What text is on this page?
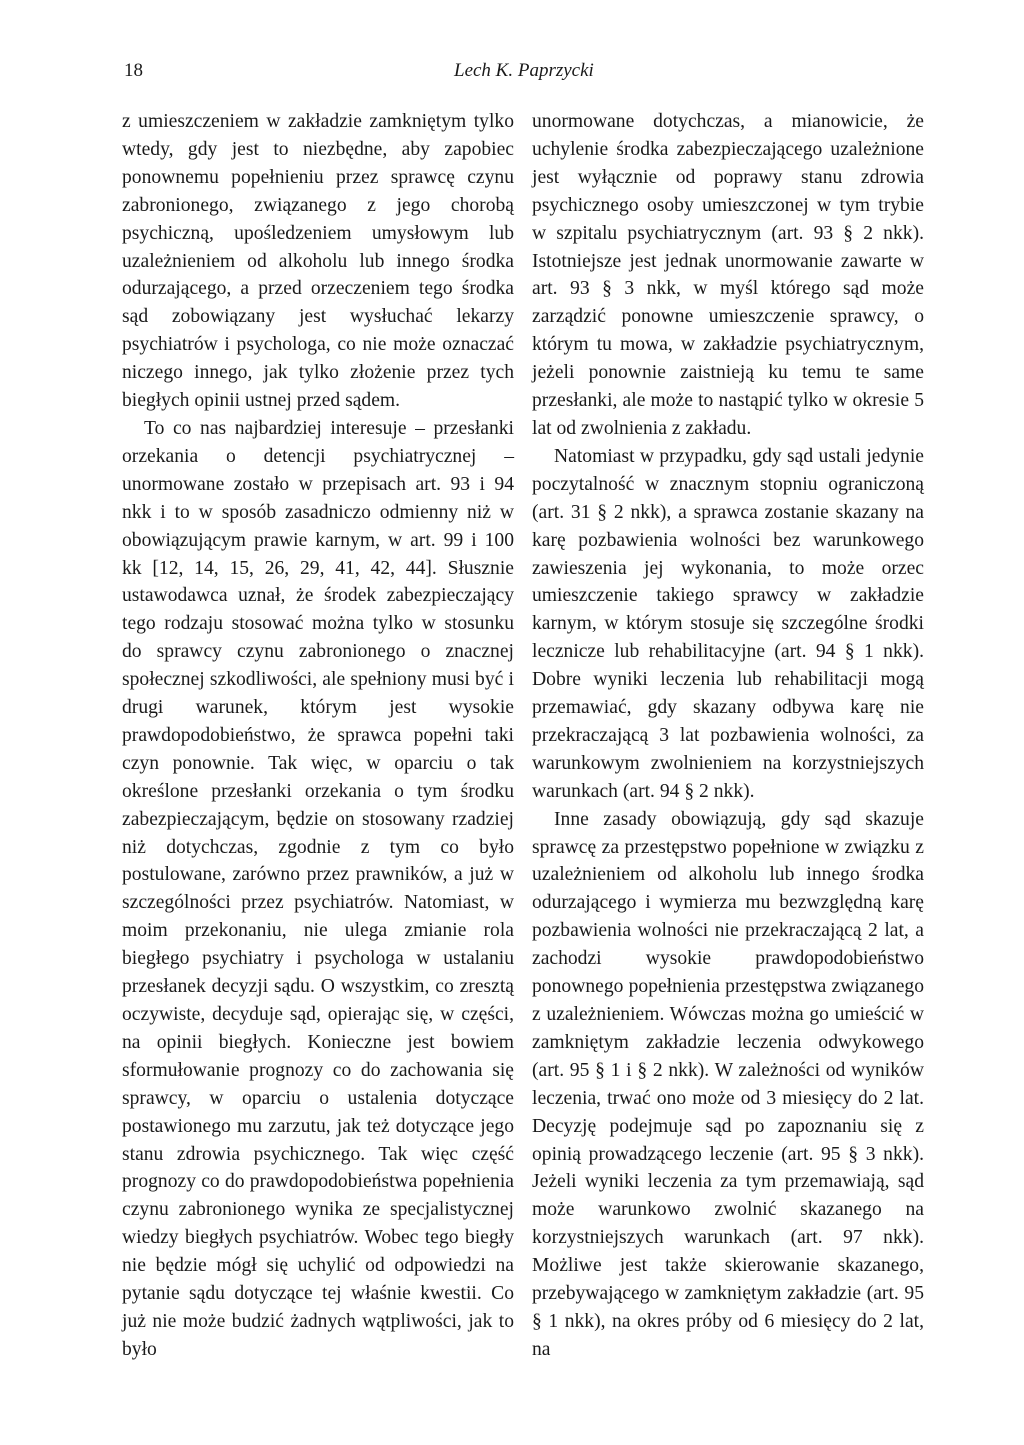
18	Lech K. Paprzycki

z umieszczeniem w zakładzie zamkniętym tylko wtedy, gdy jest to niezbędne, aby zapobiec ponownemu popełnieniu przez sprawcę czynu zabronionego, związanego z jego chorobą psychiczną, upośledzeniem umysłowym lub uzależnieniem od alkoholu lub innego środka odurzającego, a przed orzeczeniem tego środka sąd zobowiązany jest wysłuchać lekarzy psychiatrów i psychologa, co nie może oznaczać niczego innego, jak tylko złożenie przez tych biegłych opinii ustnej przed sądem.

To co nas najbardziej interesuje – przesłanki orzekania o detencji psychiatrycznej – unormowane zostało w przepisach art. 93 i 94 nkk i to w sposób zasadniczo odmienny niż w obowiązującym prawie karnym, w art. 99 i 100 kk [12, 14, 15, 26, 29, 41, 42, 44]. Słusznie ustawodawca uznał, że środek zabezpieczający tego rodzaju stosować można tylko w stosunku do sprawcy czynu zabronionego o znacznej społecznej szkodliwości, ale spełniony musi być i drugi warunek, którym jest wysokie prawdopodobieństwo, że sprawca popełni taki czyn ponownie. Tak więc, w oparciu o tak określone przesłanki orzekania o tym środku zabezpieczającym, będzie on stosowany rzadziej niż dotychczas, zgodnie z tym co było postulowane, zarówno przez prawników, a już w szczególności przez psychiatrów. Natomiast, w moim przekonaniu, nie ulega zmianie rola biegłego psychiatry i psychologa w ustalaniu przesłanek decyzji sądu. O wszystkim, co zresztą oczywiste, decyduje sąd, opierając się, w części, na opinii biegłych. Konieczne jest bowiem sformułowanie prognozy co do zachowania się sprawcy, w oparciu o ustalenia dotyczące postawionego mu zarzutu, jak też dotyczące jego stanu zdrowia psychicznego. Tak więc część prognozy co do prawdopodobieństwa popełnienia czynu zabronionego wynika ze specjalistycznej wiedzy biegłych psychiatrów. Wobec tego biegły nie będzie mógł się uchylić od odpowiedzi na pytanie sądu dotyczące tej właśnie kwestii. Co już nie może budzić żadnych wątpliwości, jak to było

unormowane dotychczas, a mianowicie, że uchylenie środka zabezpieczającego uzależnione jest wyłącznie od poprawy stanu zdrowia psychicznego osoby umieszczonej w tym trybie w szpitalu psychiatrycznym (art. 93 § 2 nkk). Istotniejsze jest jednak unormowanie zawarte w art. 93 § 3 nkk, w myśl którego sąd może zarządzić ponowne umieszczenie sprawcy, o którym tu mowa, w zakładzie psychiatrycznym, jeżeli ponownie zaistnieją ku temu te same przesłanki, ale może to nastąpić tylko w okresie 5 lat od zwolnienia z zakładu.

Natomiast w przypadku, gdy sąd ustali jedynie poczytalność w znacznym stopniu ograniczoną (art. 31 § 2 nkk), a sprawca zostanie skazany na karę pozbawienia wolności bez warunkowego zawieszenia jej wykonania, to może orzec umieszczenie takiego sprawcy w zakładzie karnym, w którym stosuje się szczególne środki lecznicze lub rehabilitacyjne (art. 94 § 1 nkk). Dobre wyniki leczenia lub rehabilitacji mogą przemawiać, gdy skazany odbywa karę nie przekraczającą 3 lat pozbawienia wolności, za warunkowym zwolnieniem na korzystniejszych warunkach (art. 94 § 2 nkk).

Inne zasady obowiązują, gdy sąd skazuje sprawcę za przestępstwo popełnione w związku z uzależnieniem od alkoholu lub innego środka odurzającego i wymierza mu bezwzględną karę pozbawienia wolności nie przekraczającą 2 lat, a zachodzi wysokie prawdopodobieństwo ponownego popełnienia przestępstwa związanego z uzależnieniem. Wówczas można go umieścić w zamkniętym zakładzie leczenia odwykowego (art. 95 § 1 i § 2 nkk). W zależności od wyników leczenia, trwać ono może od 3 miesięcy do 2 lat. Decyzję podejmuje sąd po zapoznaniu się z opinią prowadzącego leczenie (art. 95 § 3 nkk). Jeżeli wyniki leczenia za tym przemawiają, sąd może warunkowo zwolnić skazanego na korzystniejszych warunkach (art. 97 nkk). Możliwe jest także skierowanie skazanego, przebywającego w zamkniętym zakładzie (art. 95 § 1 nkk), na okres próby od 6 miesięcy do 2 lat, na
